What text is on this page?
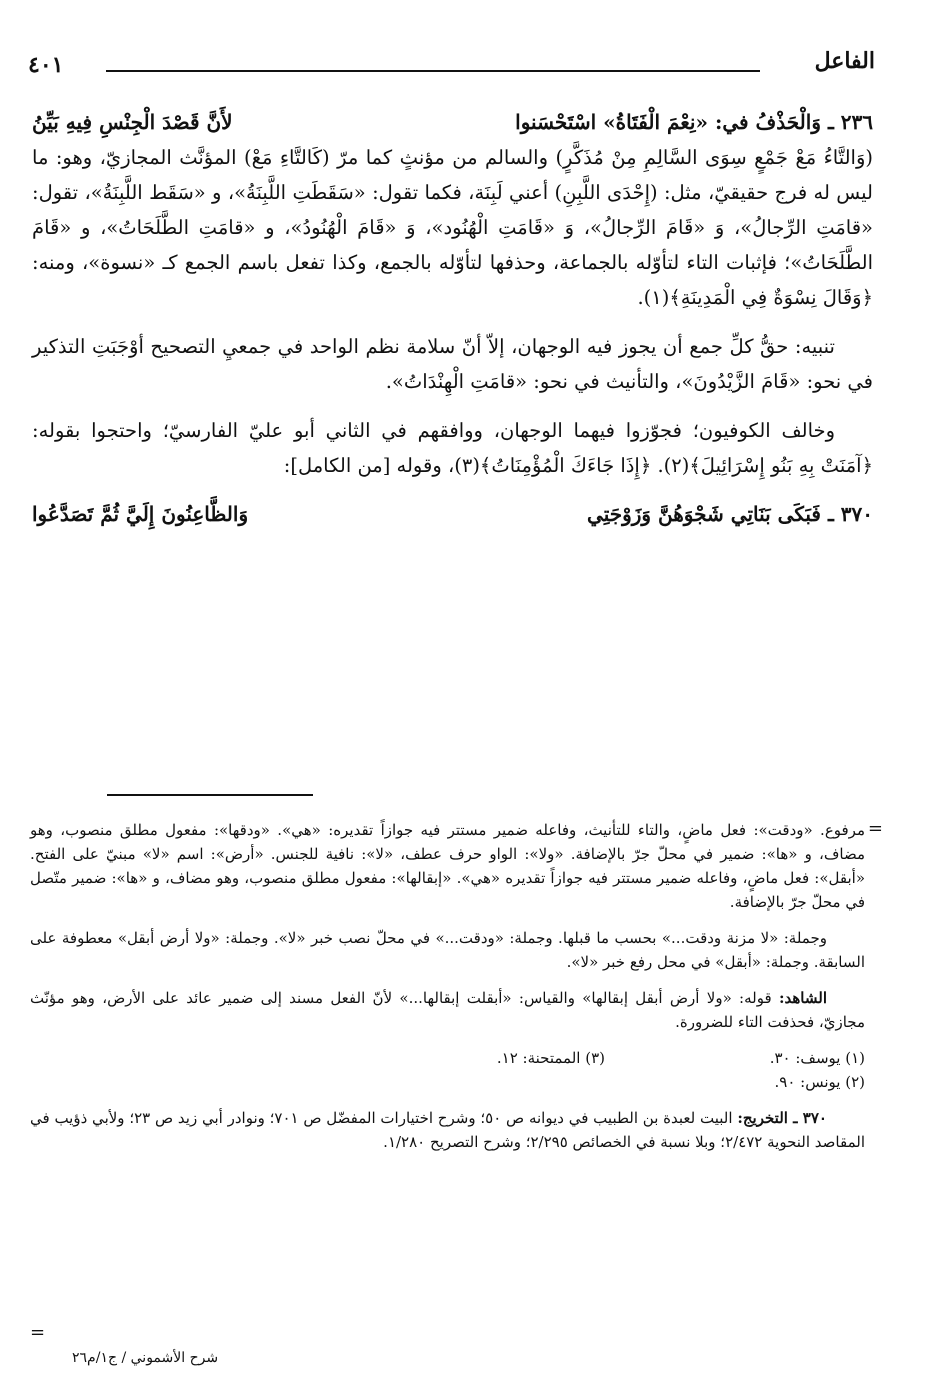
الفاعل
٤٠١
٢٣٦ ـ وَالْحَذْفُ في: «نِعْمَ الْفَتَاةُ» اسْتَحْسَنوا
لأَنَّ قَصْدَ الْجِنْسِ فِيهِ بَيِّنُ

(وَالتَّاءُ مَعْ جَمْعٍ سِوَى السَّالِمِ مِنْ مُذَكَّرٍ) والسالم من مؤنثٍ كما مرّ (كَالتَّاءِ مَعْ) المؤنَّث المجازيّ، وهو: ما ليس له فرج حقيقيّ، مثل: (إِحْدَى اللَّبِنِ) أعني لَبِنَة، فكما تقول: «سَقَطَتِ اللَّبِنَةُ»، و «سَقَط اللَّبِنَةُ»، تقول: «قامَتِ الرِّجالُ»، وَ «قَامَ الرِّجالُ»، وَ «قَامَتِ الْهُنُود»، وَ «قَامَ الْهُنُودُ»، و «قامَتِ الطَّلَحَاتُ»، و «قَامَ الطَّلَحَاتُ»؛ فإثبات التاء لتأوّله بالجماعة، وحذفها لتأوّله بالجمع، وكذا تفعل باسم الجمع كـ «نسوة»، ومنه: ﴿وَقَالَ نِسْوَةٌ فِي الْمَدِينَةِ﴾(١).

تنبيه: حقُّ كلِّ جمع أن يجوز فيه الوجهان، إلاّ أنّ سلامة نظم الواحد في جمعيِ التصحيح أوْجَبَتِ التذكير في نحو: «قَامَ الزَّيْدُونَ»، والتأنيث في نحو: «قامَتِ الْهِنْدَاتُ».

وخالف الكوفيون؛ فجوّزوا فيهما الوجهان، ووافقهم في الثاني أبو عليّ الفارسيّ؛ واحتجوا بقوله: ﴿آمَنَتْ بِهِ بَنُو إِسْرَائِيلَ﴾(٢). ﴿إِذَا جَاءَكَ الْمُؤْمِنَاتُ﴾(٣)، وقوله [من الكامل]:

٣٧٠ ـ فَبَكَى بَنَاتِي شَجْوَهُنَّ وَزَوْجَتِي
وَالظَّاعِنُونَ إِلَيَّ ثُمَّ تَصَدَّعُوا
=

مرفوع. «ودقت»: فعل ماضٍ، والتاء للتأنيث، وفاعله ضمير مستتر فيه جوازاً تقديره: «هي». «ودقها»: مفعول مطلق منصوب، وهو مضاف، و «ها»: ضمير في محلّ جرّ بالإضافة. «ولا»: الواو حرف عطف، «لا»: نافية للجنس. «أرض»: اسم «لا» مبنيّ على الفتح. «أبقل»: فعل ماضٍ، وفاعله ضمير مستتر فيه جوازاً تقديره «هي». «إبقالها»: مفعول مطلق منصوب، وهو مضاف، و «ها»: ضمير متّصل في محلّ جرّ بالإضافة.

وجملة: «لا مزنة ودقت...» بحسب ما قبلها. وجملة: «ودقت...» في محلّ نصب خبر «لا». وجملة: «ولا أرض أبقل» معطوفة على السابقة. وجملة: «أبقل» في محل رفع خبر «لا».

الشاهد: قوله: «ولا أرض أبقل إبقالها» والقياس: «أبقلت إبقالها...» لأنّ الفعل مسند إلى ضمير عائد على الأرض، وهو مؤنّث مجازيّ، فحذفت التاء للضرورة.

(١) يوسف: ٣٠.
(٣) الممتحنة: ١٢.
(٢) يونس: ٩٠.

٣٧٠ ـ التخريج: البيت لعبدة بن الطبيب في ديوانه ص ٥٠؛ وشرح اختيارات المفضّل ص ٧٠١؛ ونوادر أبي زيد ص ٢٣؛ ولأبي ذؤيب في المقاصد النحوية ٢/٤٧٢؛ وبلا نسبة في الخصائص ٢/٢٩٥؛ وشرح التصريح ١/٢٨٠.

=
شرح الأشموني / ج١/م٢٦
